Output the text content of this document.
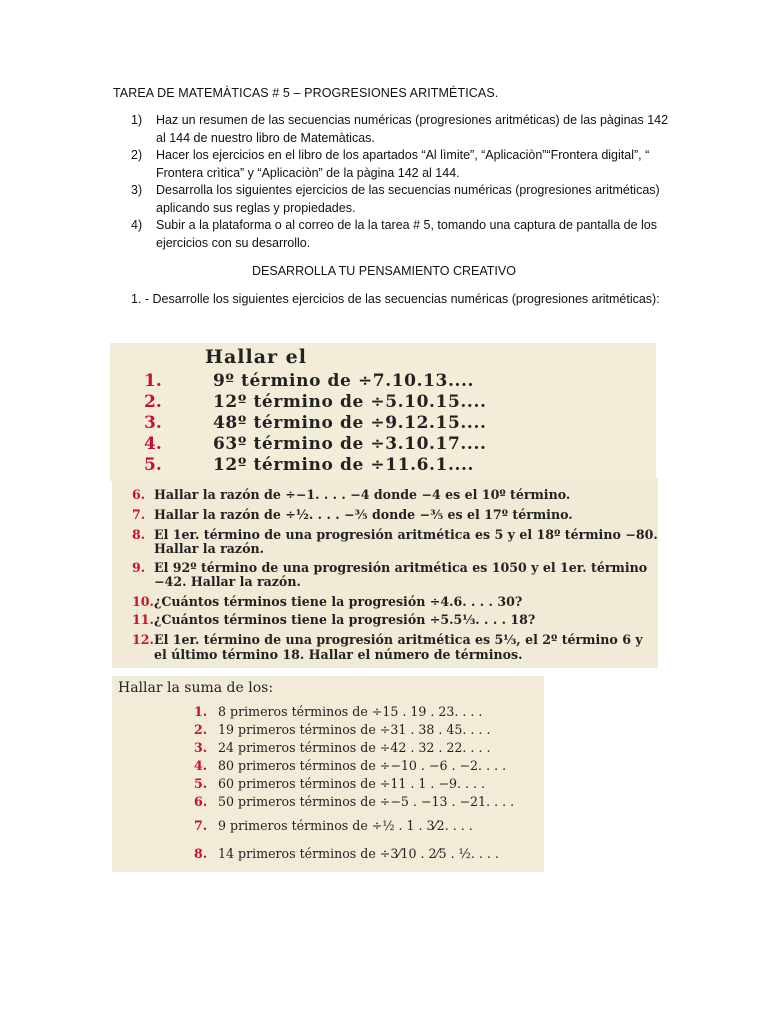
TAREA DE MATEMÀTICAS # 5 – PROGRESIONES ARITMÉTICAS.
1) Haz un resumen de las secuencias numéricas (progresiones aritméticas) de las pàginas 142 al 144 de nuestro libro de Matemàticas.
2) Hacer los ejercicios en el libro de los apartados “Al lìmite”, “Aplicaciòn”“Frontera digital”, “ Frontera crìtica” y “Aplicaciòn” de la pàgina 142 al 144.
3) Desarrolla los siguientes ejercicios de las secuencias numéricas (progresiones aritméticas) aplicando sus reglas y propiedades.
4) Subir a la plataforma o al correo de la la tarea # 5, tomando una captura de pantalla de los ejercicios con su desarrollo.
DESARROLLA TU PENSAMIENTO CREATIVO
1. - Desarrolle los siguientes ejercicios de las secuencias numéricas (progresiones aritméticas):
Hallar el
1.	9º término de ÷7.10.13....
2.	12º término de ÷5.10.15....
3.	48º término de ÷9.12.15....
4.	63º término de ÷3.10.17....
5.	12º término de ÷11.6.1....
6. Hallar la razón de ÷−1. . . . −4 donde −4 es el 10º término.
7. Hallar la razón de ÷½. . . . −⅗ donde −⅗ es el 17º término.
8. El 1er. término de una progresión aritmética es 5 y el 18º término −80.
Hallar la razón.
9. El 92º término de una progresión aritmética es 1050 y el 1er. término
−42. Hallar la razón.
10. ¿Cuántos términos tiene la progresión ÷4.6. . . . 30?
11. ¿Cuántos términos tiene la progresión ÷5.5⅓. . . . 18?
12. El 1er. término de una progresión aritmética es 5⅓, el 2º término 6 y
el último término 18. Hallar el número de términos.
Hallar la suma de los:
1. 8 primeros términos de ÷15 . 19 . 23. . . .
2. 19 primeros términos de ÷31 . 38 . 45. . . .
3. 24 primeros términos de ÷42 . 32 . 22. . . .
4. 80 primeros términos de ÷−10 . −6 . −2. . . .
5. 60 primeros términos de ÷11 . 1 . −9. . . .
6. 50 primeros términos de ÷−5 . −13 . −21. . . .
7. 9 primeros términos de ÷½ . 1 . 3⁄2. . . .
8. 14 primeros términos de ÷3⁄10 . 2⁄5 . ½. . . .
